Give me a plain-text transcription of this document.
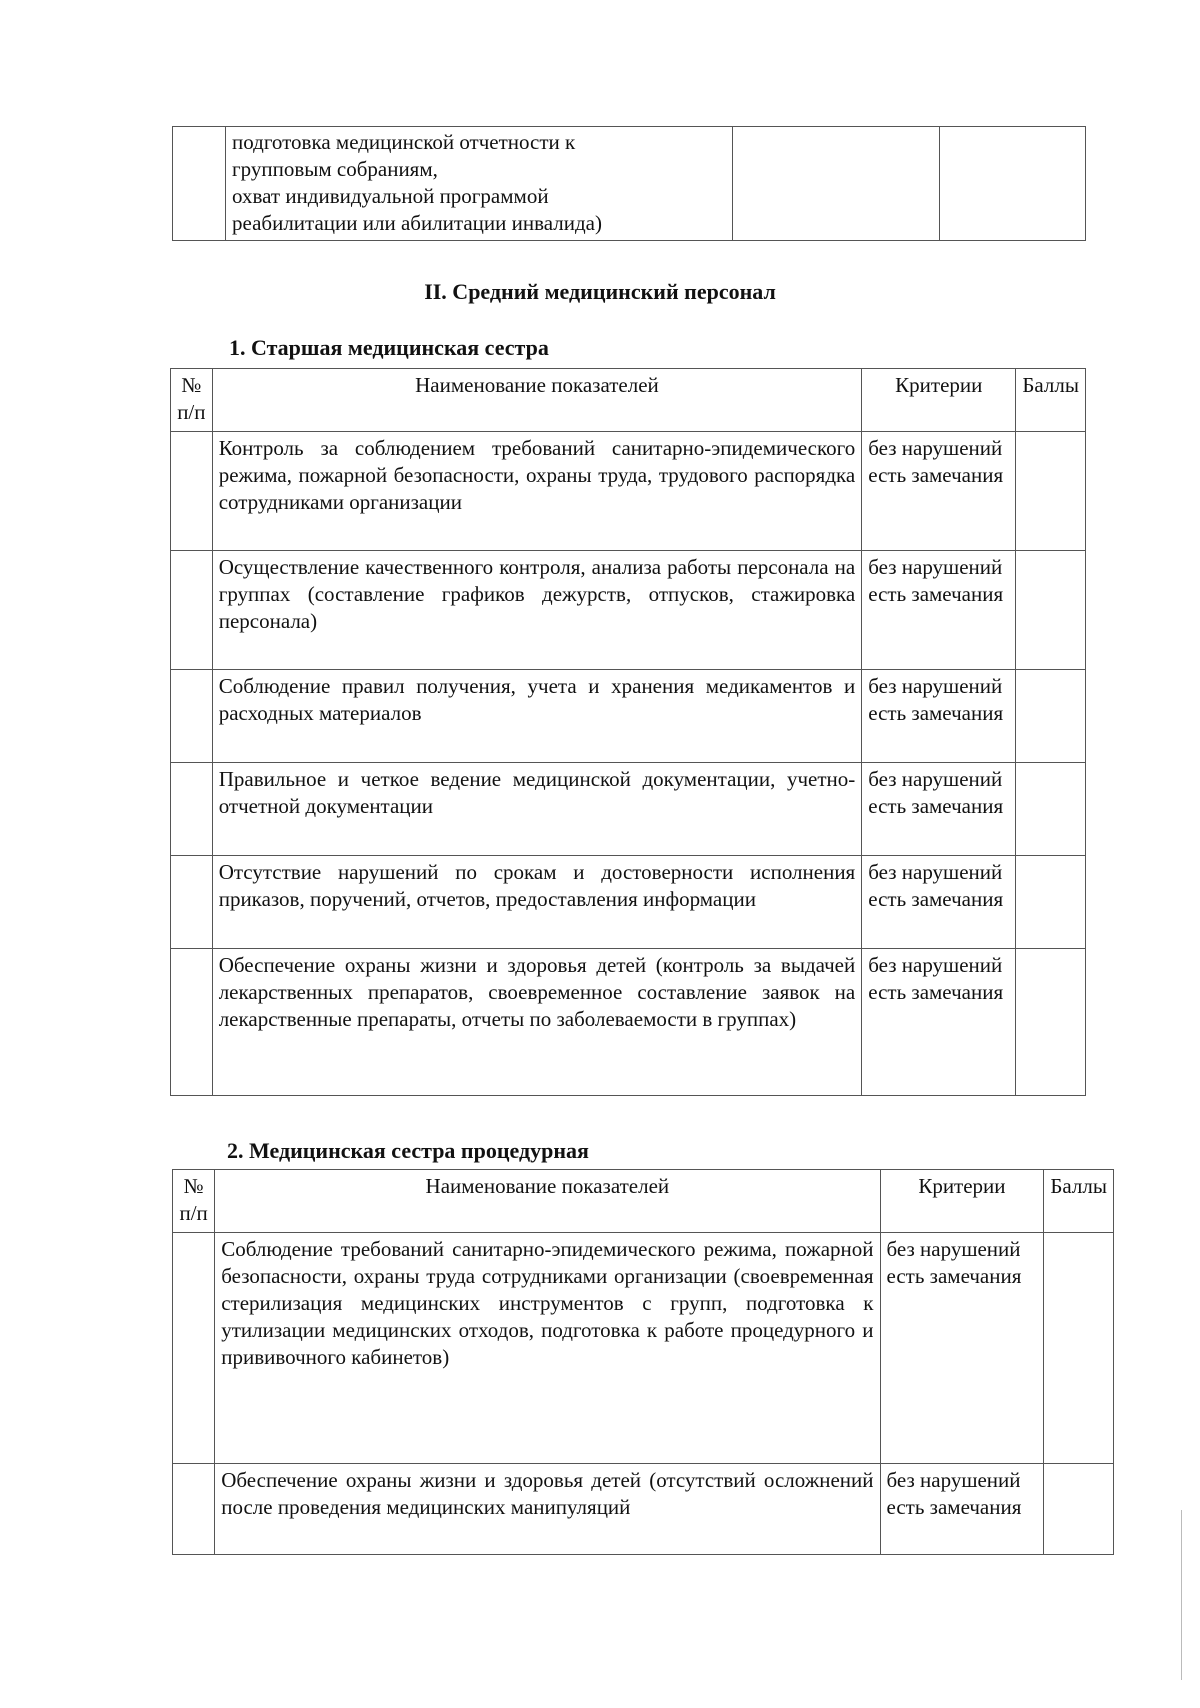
подготовка медицинской отчетности к
групповым собраниям,
охват индивидуальной программой
реабилитации или абилитации инвалида)

II. Средний медицинский персонал
1. Старшая медицинская сестра
№ п/п	Наименование показателей	Критерии	Баллы
	Контроль за соблюдением требований санитарно-эпидемического режима, пожарной безопасности, охраны труда, трудового распорядка сотрудниками организации	без нарушений
есть замечания	

	Осуществление качественного контроля, анализа работы персонала на группах (составление графиков дежурств, отпусков, стажировка персонала)	без нарушений
есть замечания	

	Соблюдение правил получения, учета и хранения медикаментов и расходных материалов	без нарушений
есть замечания	

	Правильное и четкое ведение медицинской документации, учетно-отчетной документации	без нарушений
есть замечания	

	Отсутствие нарушений по срокам и достоверности исполнения приказов, поручений, отчетов, предоставления информации	без нарушений
есть замечания	

	Обеспечение охраны жизни и здоровья детей (контроль за выдачей лекарственных препаратов, своевременное составление заявок на лекарственные препараты, отчеты по заболеваемости в группах)	без нарушений
есть замечания	

2. Медицинская сестра процедурная
№ п/п	Наименование показателей	Критерии	Баллы
	Соблюдение требований санитарно-эпидемического режима, пожарной безопасности, охраны труда сотрудниками организации (своевременная стерилизация медицинских инструментов с групп, подготовка к утилизации медицинских отходов, подготовка к работе процедурного и прививочного кабинетов)	без нарушений
есть замечания	

	Обеспечение охраны жизни и здоровья детей (отсутствий осложнений после проведения медицинских манипуляций	без нарушений
есть замечания	
